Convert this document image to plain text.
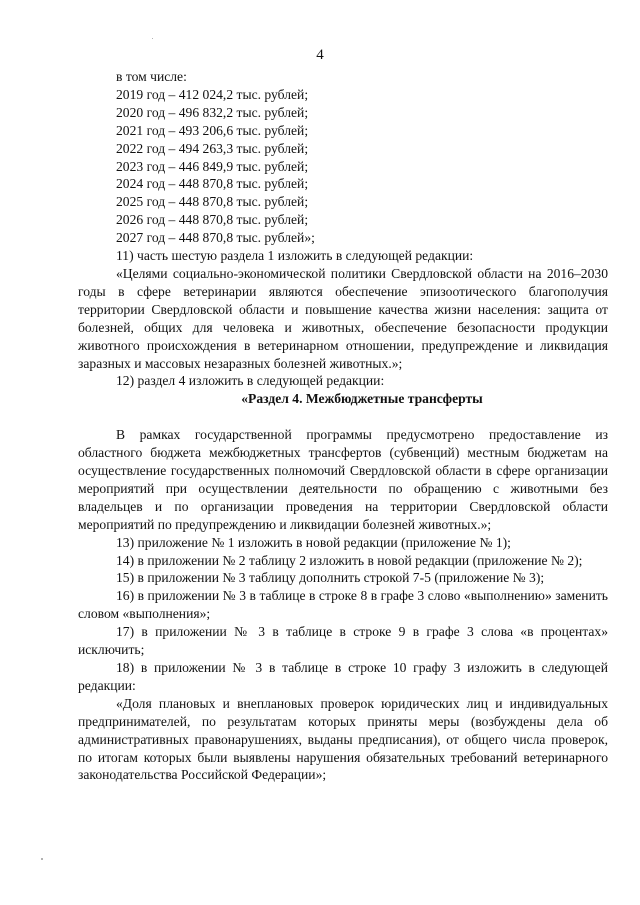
4

в том числе:

2019 год – 412 024,2 тыс. рублей;

2020 год – 496 832,2 тыс. рублей;

2021 год – 493 206,6 тыс. рублей;

2022 год – 494 263,3 тыс. рублей;

2023 год – 446 849,9 тыс. рублей;

2024 год – 448 870,8 тыс. рублей;

2025 год – 448 870,8 тыс. рублей;

2026 год – 448 870,8 тыс. рублей;

2027 год – 448 870,8 тыс. рублей»;

11) часть шестую раздела 1 изложить в следующей редакции:

«Целями социально-экономической политики Свердловской области на 2016–2030 годы в сфере ветеринарии являются обеспечение эпизоотического благополучия территории Свердловской области и повышение качества жизни населения: защита от болезней, общих для человека и животных, обеспечение безопасности продукции животного происхождения в ветеринарном отношении, предупреждение и ликвидация заразных и массовых незаразных болезней животных.»;

12) раздел 4 изложить в следующей редакции:

«Раздел 4. Межбюджетные трансферты

В рамках государственной программы предусмотрено предоставление из областного бюджета межбюджетных трансфертов (субвенций) местным бюджетам на осуществление государственных полномочий Свердловской области в сфере организации мероприятий при осуществлении деятельности по обращению с животными без владельцев и по организации проведения на территории Свердловской области мероприятий по предупреждению и ликвидации болезней животных.»;

13) приложение № 1 изложить в новой редакции (приложение № 1);

14) в приложении № 2 таблицу 2 изложить в новой редакции (приложение № 2);

15) в приложении № 3 таблицу дополнить строкой 7-5 (приложение № 3);

16) в приложении № 3 в таблице в строке 8 в графе 3 слово «выполнению» заменить словом «выполнения»;

17) в приложении № 3 в таблице в строке 9 в графе 3 слова «в процентах» исключить;

18) в приложении № 3 в таблице в строке 10 графу 3 изложить в следующей редакции:

«Доля плановых и внеплановых проверок юридических лиц и индивидуальных предпринимателей, по результатам которых приняты меры (возбуждены дела об административных правонарушениях, выданы предписания), от общего числа проверок, по итогам которых были выявлены нарушения обязательных требований ветеринарного законодательства Российской Федерации»;
